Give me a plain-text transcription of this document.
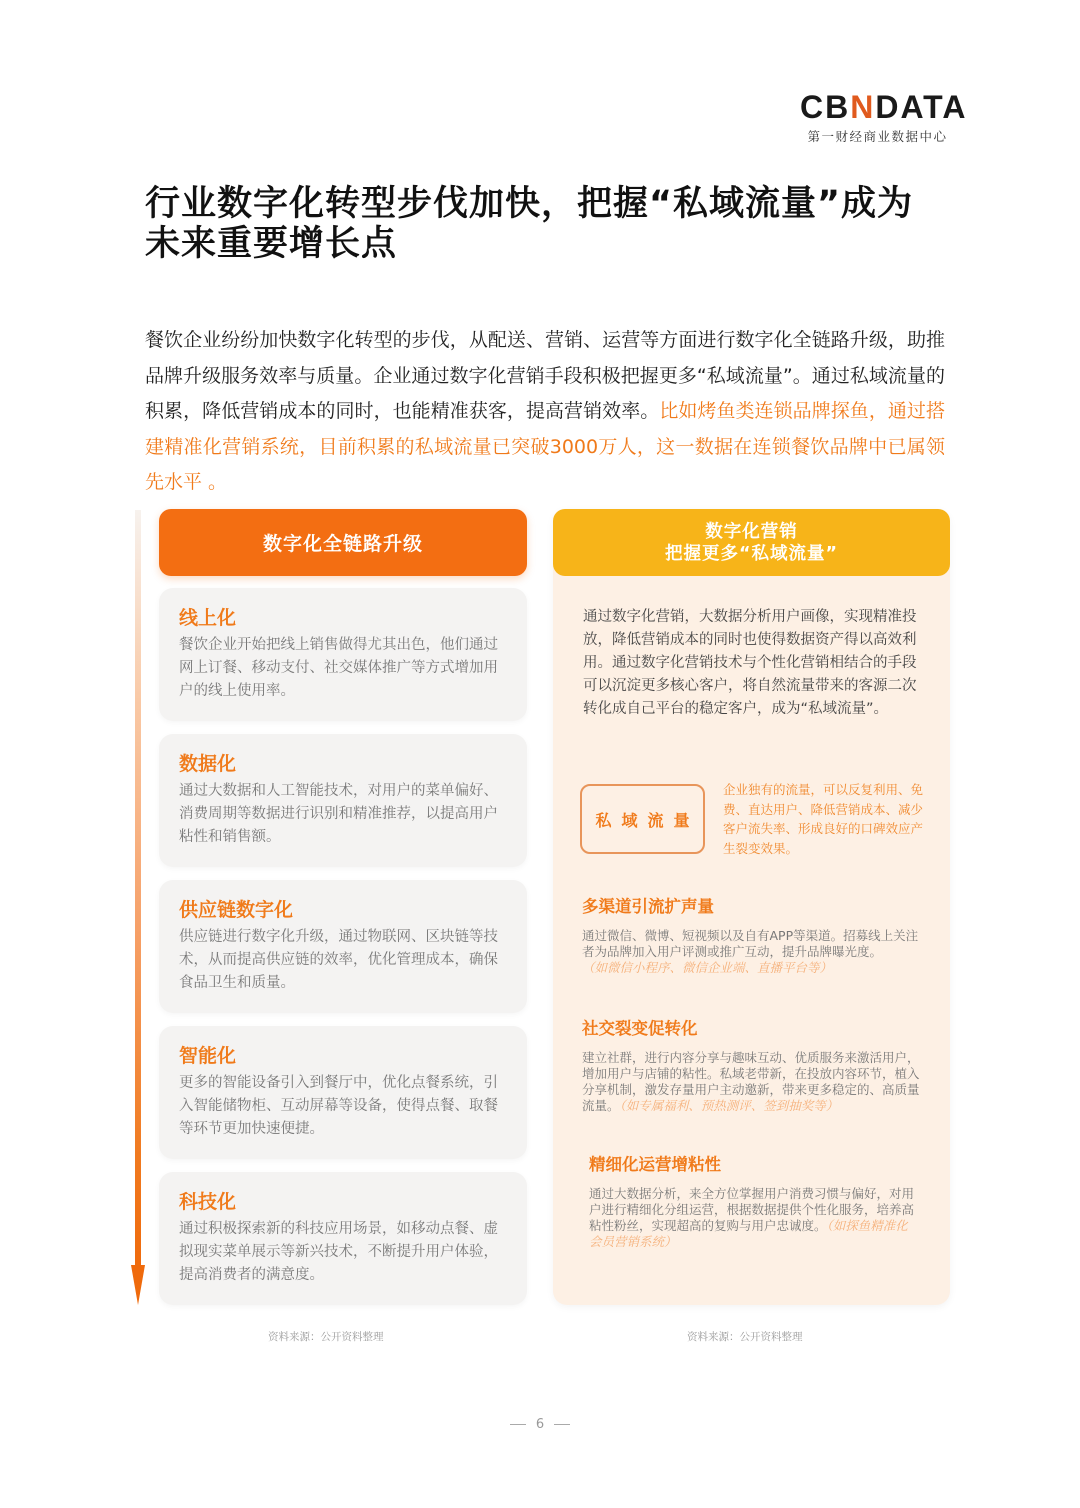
CBNDATA
第一财经商业数据中心
行业数字化转型步伐加快，把握“私域流量”成为
未来重要增长点

餐饮企业纷纷加快数字化转型的步伐，从配送、营销、运营等方面进行数字化全链路升级，助推品牌升级服务效率与质量。企业通过数字化营销手段积极把握更多“私域流量”。通过私域流量的积累，降低营销成本的同时，也能精准获客，提高营销效率。比如烤鱼类连锁品牌探鱼，通过搭建精准化营销系统，目前积累的私域流量已突破3000万人，这一数据在连锁餐饮品牌中已属领先水平 。

数字化全链路升级
线上化
餐饮企业开始把线上销售做得尤其出色，他们通过网上订餐、移动支付、社交媒体推广等方式增加用户的线上使用率。
数据化
通过大数据和人工智能技术，对用户的菜单偏好、消费周期等数据进行识别和精准推荐，以提高用户粘性和销售额。
供应链数字化
供应链进行数字化升级，通过物联网、区块链等技术，从而提高供应链的效率，优化管理成本，确保食品卫生和质量。
智能化
更多的智能设备引入到餐厅中，优化点餐系统，引入智能储物柜、互动屏幕等设备，使得点餐、取餐等环节更加快速便捷。
科技化
通过积极探索新的科技应用场景，如移动点餐、虚拟现实菜单展示等新兴技术，不断提升用户体验，提高消费者的满意度。
数字化营销
把握更多“私域流量”

通过数字化营销，大数据分析用户画像，实现精准投放，降低营销成本的同时也使得数据资产得以高效利用。通过数字化营销技术与个性化营销相结合的手段可以沉淀更多核心客户，将自然流量带来的客源二次转化成自己平台的稳定客户，成为“私域流量”。

私域流量
企业独有的流量，可以反复利用、免费、直达用户、降低营销成本、减少客户流失率、形成良好的口碑效应产生裂变效果。
多渠道引流扩声量
通过微信、微博、短视频以及自有APP等渠道。招募线上关注者为品牌加入用户评测或推广互动，提升品牌曝光度。
（如微信小程序、微信企业端、直播平台等）
社交裂变促转化
建立社群，进行内容分享与趣味互动、优质服务来激活用户，增加用户与店铺的粘性。私域老带新，在投放内容环节，植入分享机制，激发存量用户主动邀新，带来更多稳定的、高质量流量。（如专属福利、预热测评、签到抽奖等）
精细化运营增粘性
通过大数据分析，来全方位掌握用户消费习惯与偏好，对用户进行精细化分组运营，根据数据提供个性化服务，培养高粘性粉丝，实现超高的复购与用户忠诚度。（如探鱼精准化会员营销系统）
资料来源：公开资料整理	资料来源：公开资料整理
6
